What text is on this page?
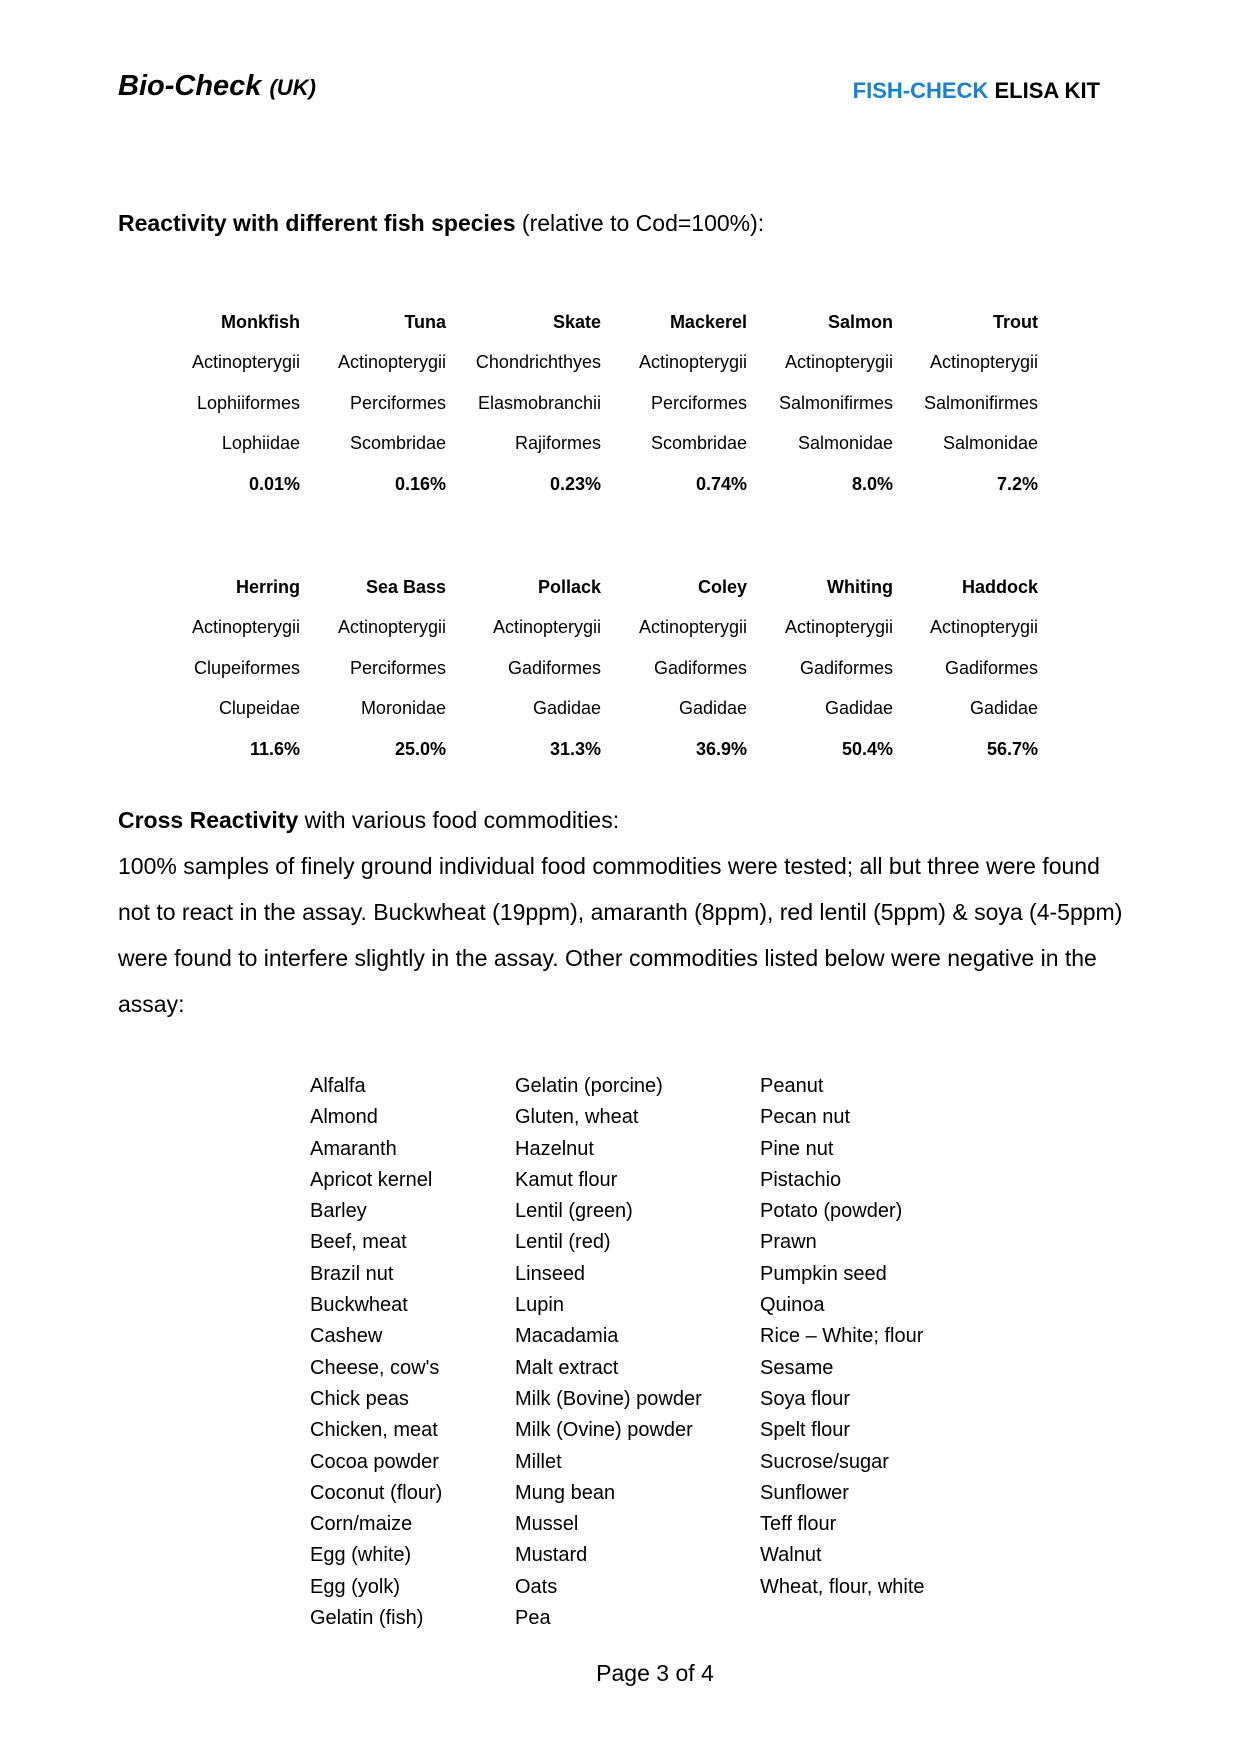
Bio-Check (UK)	FISH-CHECK ELISA KIT
Reactivity with different fish species (relative to Cod=100%):
Monkfish	Tuna	Skate	Mackerel	Salmon	Trout
Actinopterygii	Actinopterygii	Chondrichthyes	Actinopterygii	Actinopterygii	Actinopterygii
Lophiiformes	Perciformes	Elasmobranchii	Perciformes	Salmonifirmes	Salmonifirmes
Lophiidae	Scombridae	Rajiformes	Scombridae	Salmonidae	Salmonidae
0.01%	0.16%	0.23%	0.74%	8.0%	7.2%
Herring	Sea Bass	Pollack	Coley	Whiting	Haddock
Actinopterygii	Actinopterygii	Actinopterygii	Actinopterygii	Actinopterygii	Actinopterygii
Clupeiformes	Perciformes	Gadiformes	Gadiformes	Gadiformes	Gadiformes
Clupeidae	Moronidae	Gadidae	Gadidae	Gadidae	Gadidae
11.6%	25.0%	31.3%	36.9%	50.4%	56.7%
Cross Reactivity with various food commodities:
100% samples of finely ground individual food commodities were tested; all but three were found not to react in the assay. Buckwheat (19ppm), amaranth (8ppm), red lentil (5ppm) & soya (4-5ppm) were found to interfere slightly in the assay. Other commodities listed below were negative in the assay:
Alfalfa
Almond
Amaranth
Apricot kernel
Barley
Beef, meat
Brazil nut
Buckwheat
Cashew
Cheese, cow's
Chick peas
Chicken, meat
Cocoa powder
Coconut (flour)
Corn/maize
Egg (white)
Egg (yolk)
Gelatin (fish)
Gelatin (porcine)
Gluten, wheat
Hazelnut
Kamut flour
Lentil (green)
Lentil (red)
Linseed
Lupin
Macadamia
Malt extract
Milk (Bovine) powder
Milk (Ovine) powder
Millet
Mung bean
Mussel
Mustard
Oats
Pea
Peanut
Pecan nut
Pine nut
Pistachio
Potato (powder)
Prawn
Pumpkin seed
Quinoa
Rice – White; flour
Sesame
Soya flour
Spelt flour
Sucrose/sugar
Sunflower
Teff flour
Walnut
Wheat, flour, white
Page 3 of 4
